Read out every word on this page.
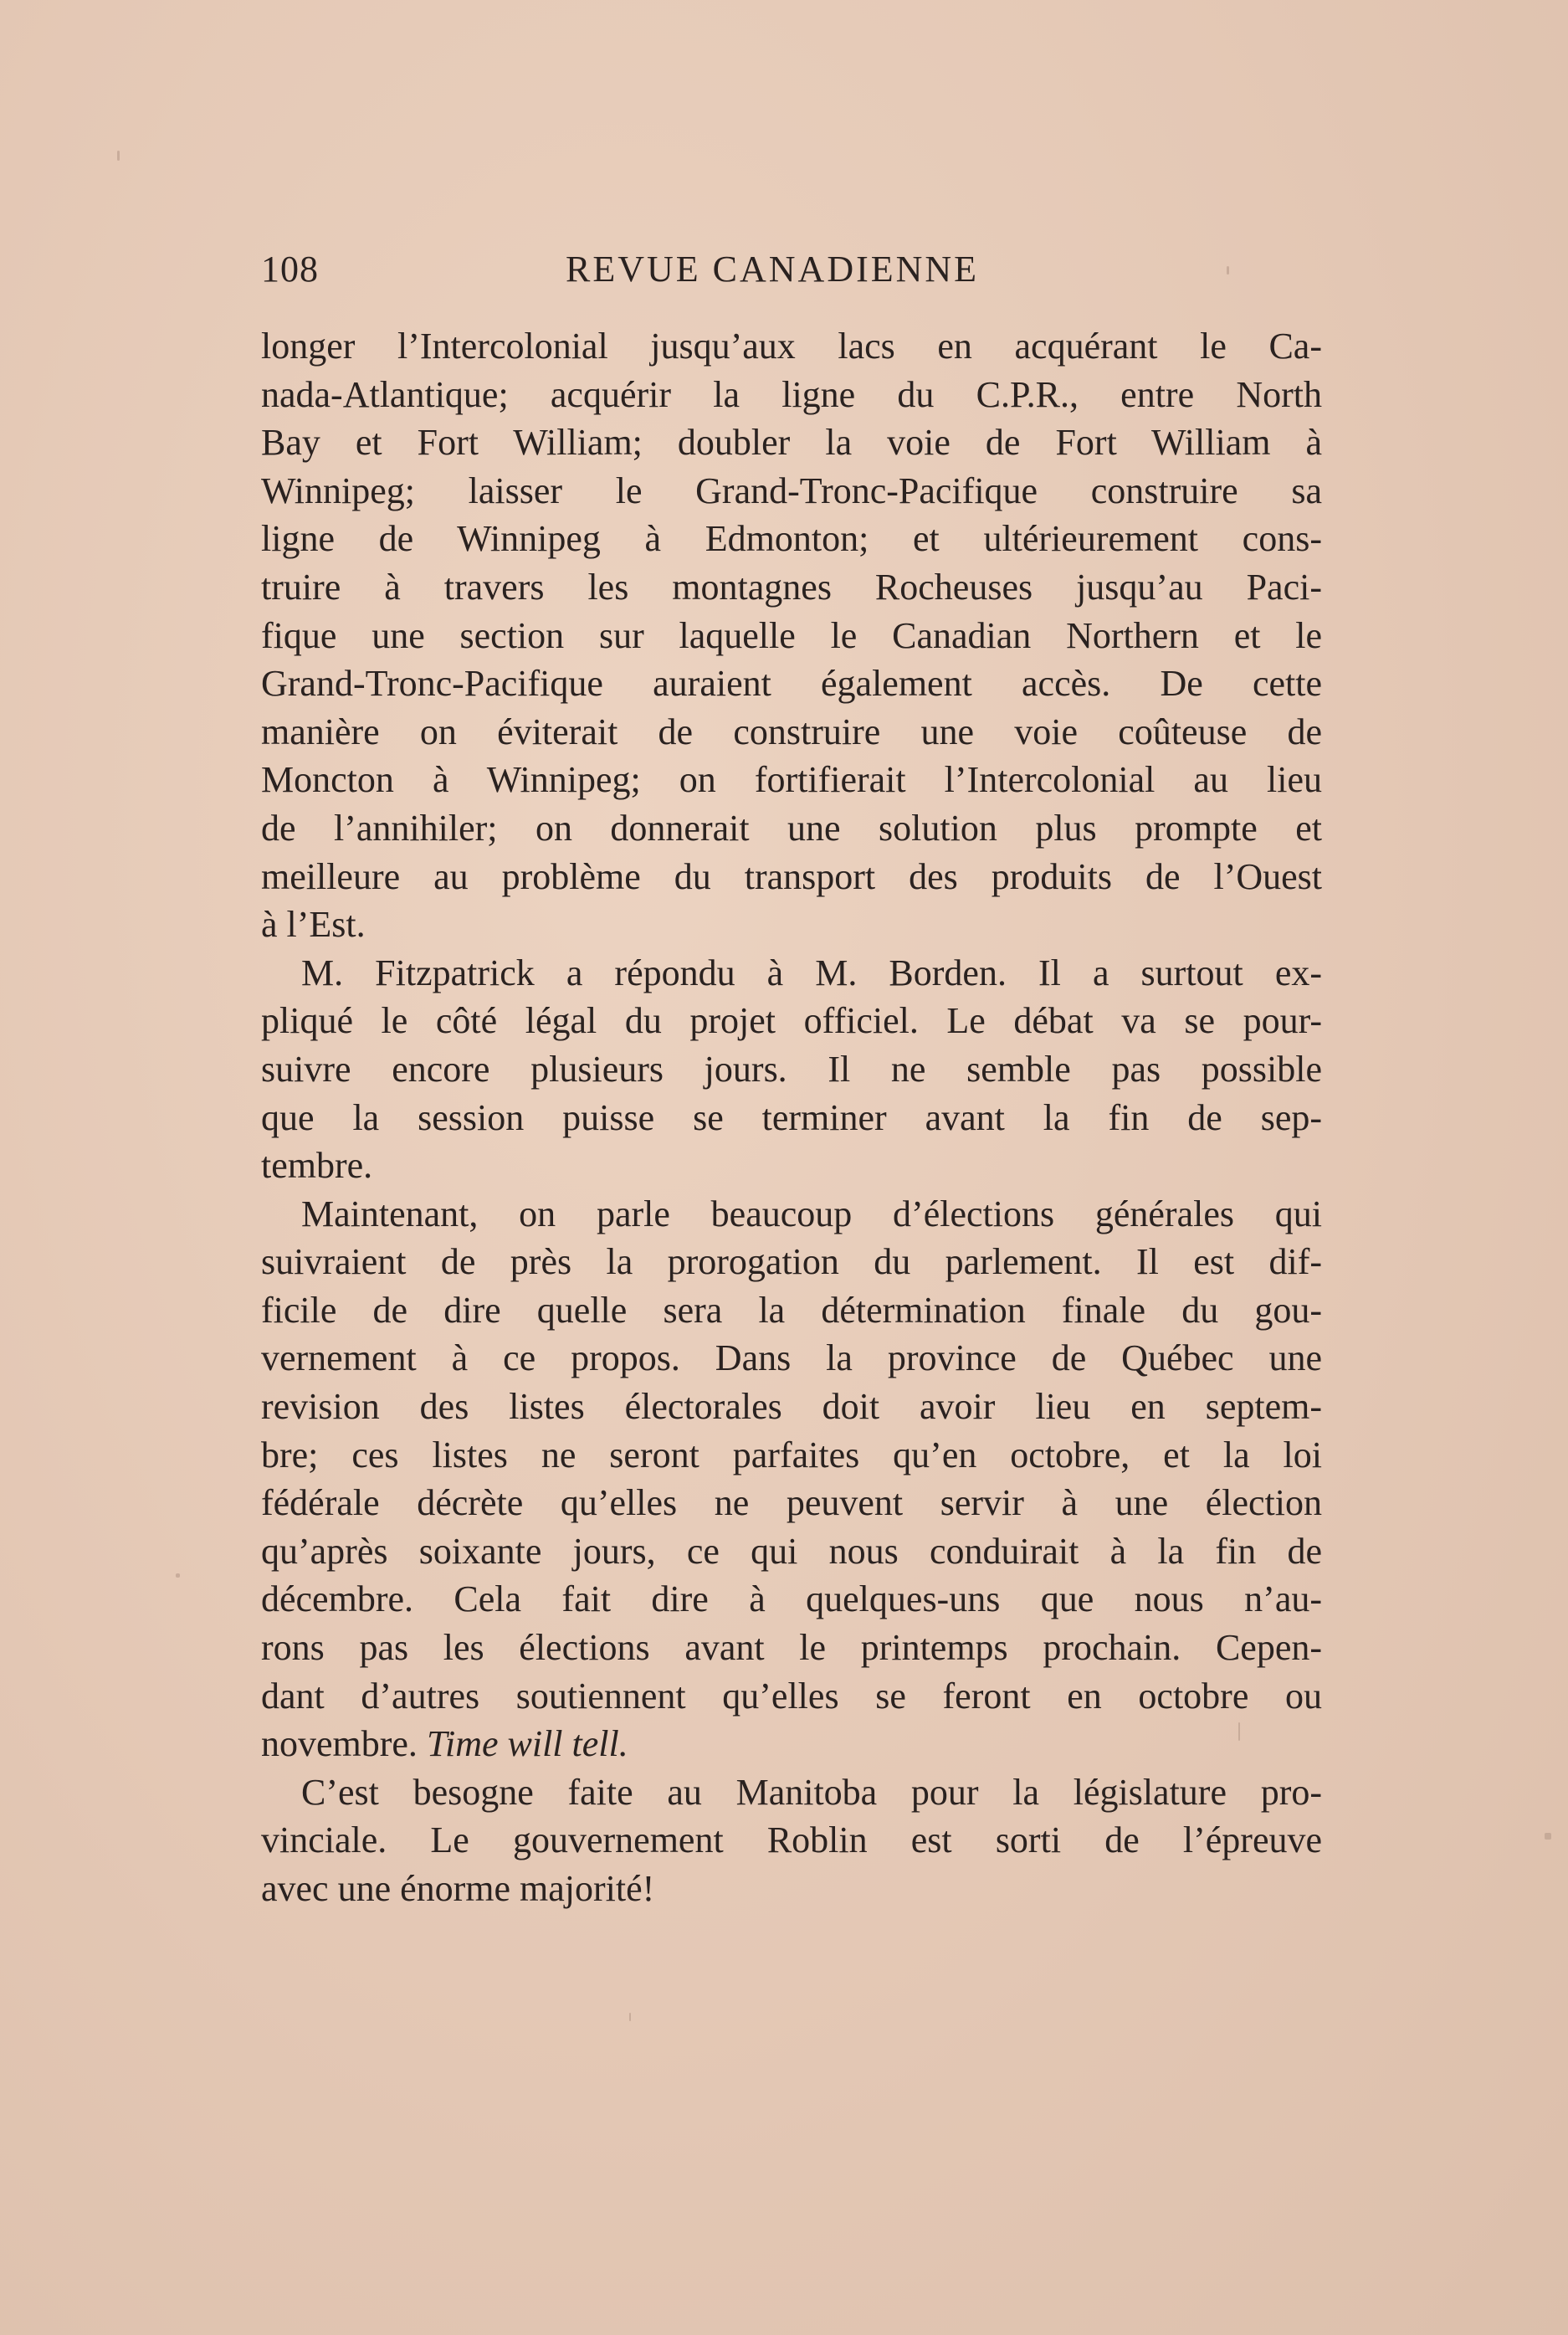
108	REVUE CANADIENNE
longer l’Intercolonial jusqu’aux lacs en acquérant le Ca-
nada-Atlantique; acquérir la ligne du C.P.R., entre North
Bay et Fort William; doubler la voie de Fort William à
Winnipeg; laisser le Grand-Tronc-Pacifique construire sa
ligne de Winnipeg à Edmonton; et ultérieurement cons-
truire à travers les montagnes Rocheuses jusqu’au Paci-
fique une section sur laquelle le Canadian Northern et le
Grand-Tronc-Pacifique auraient également accès. De cette
manière on éviterait de construire une voie coûteuse de
Moncton à Winnipeg; on fortifierait l’Intercolonial au lieu
de l’annihiler; on donnerait une solution plus prompte et
meilleure au problème du transport des produits de l’Ouest
à l’Est.
M. Fitzpatrick a répondu à M. Borden. Il a surtout ex-
pliqué le côté légal du projet officiel. Le débat va se pour-
suivre encore plusieurs jours. Il ne semble pas possible
que la session puisse se terminer avant la fin de sep-
tembre.
Maintenant, on parle beaucoup d’élections générales qui
suivraient de près la prorogation du parlement. Il est dif-
ficile de dire quelle sera la détermination finale du gou-
vernement à ce propos. Dans la province de Québec une
revision des listes électorales doit avoir lieu en septem-
bre; ces listes ne seront parfaites qu’en octobre, et la loi
fédérale décrète qu’elles ne peuvent servir à une élection
qu’après soixante jours, ce qui nous conduirait à la fin de
décembre. Cela fait dire à quelques-uns que nous n’au-
rons pas les élections avant le printemps prochain. Cepen-
dant d’autres soutiennent qu’elles se feront en octobre ou
novembre. Time will tell.
C’est besogne faite au Manitoba pour la législature pro-
vinciale. Le gouvernement Roblin est sorti de l’épreuve
avec une énorme majorité!
